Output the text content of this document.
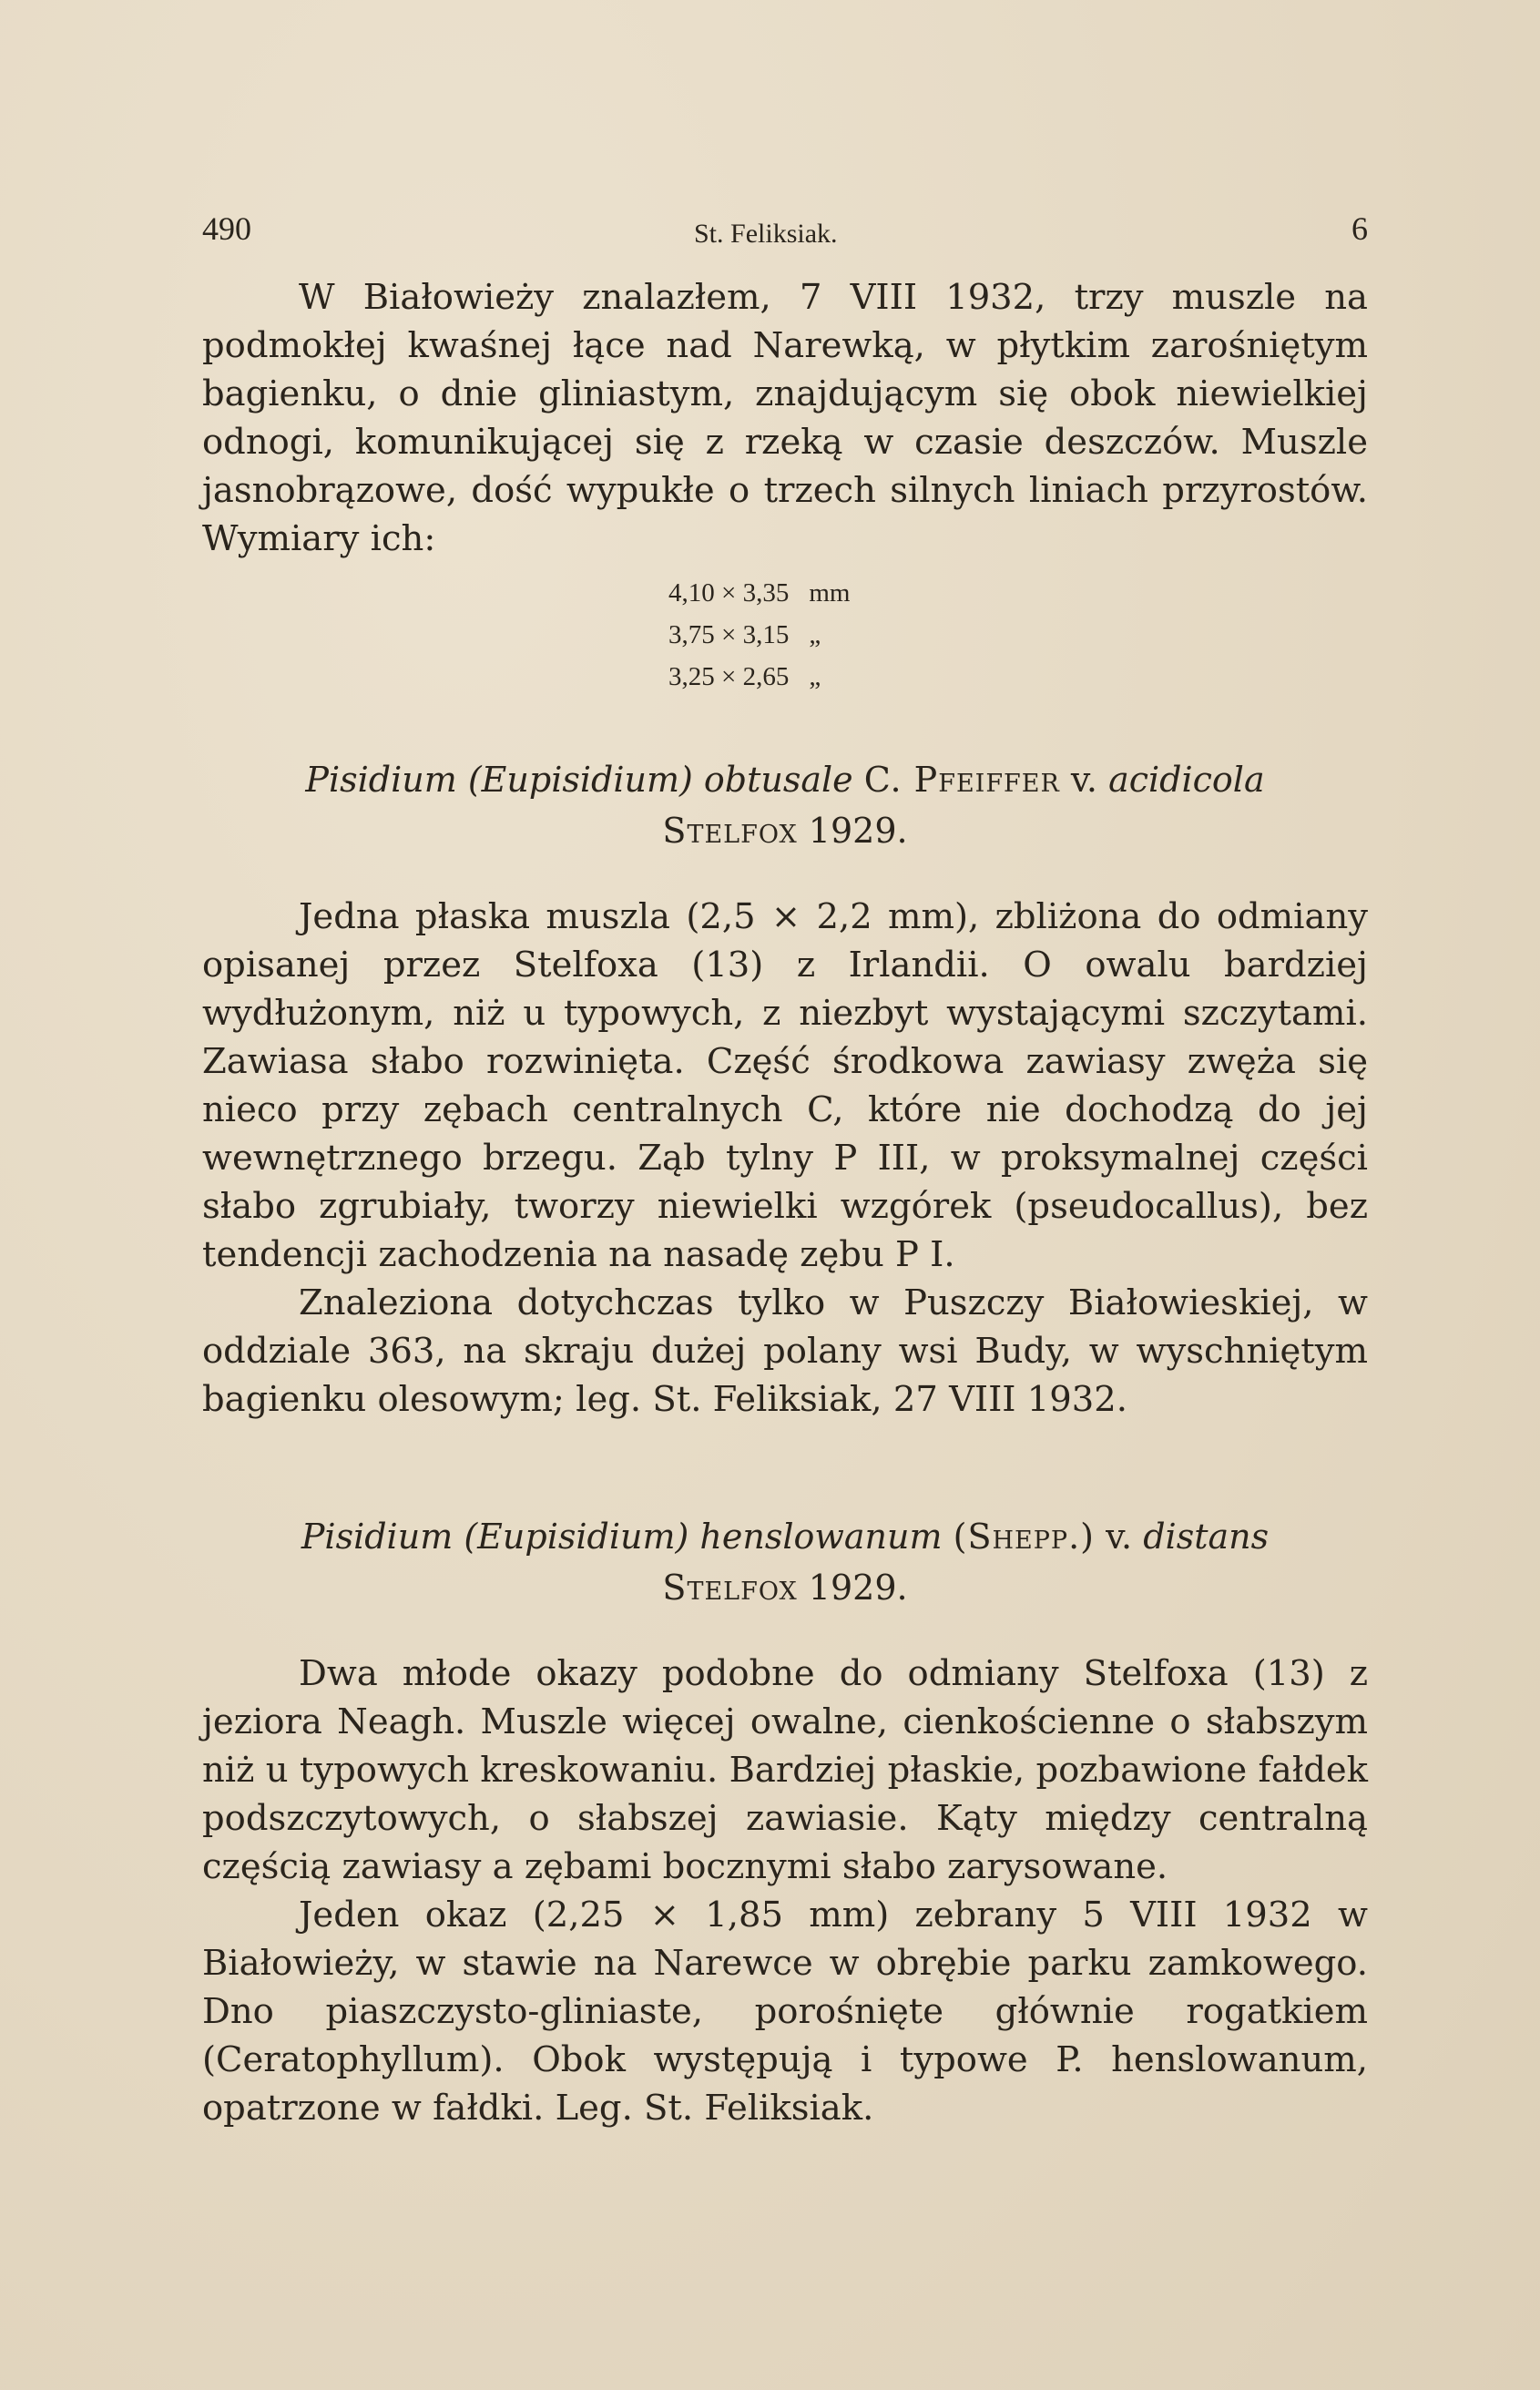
490	St. Feliksiak.	6

W Białowieży znalazłem, 7 VIII 1932, trzy muszle na podmokłej kwaśnej łące nad Narewką, w płytkim zarośniętym bagienku, o dnie gliniastym, znajdującym się obok niewielkiej odnogi, komunikującej się z rzeką w czasie deszczów. Muszle jasnobrązowe, dość wypukłe o trzech silnych liniach przyrostów. Wymiary ich:

4,10 × 3,35 mm
3,75 × 3,15 „
3,25 × 2,65 „
Pisidium (Eupisidium) obtusale C. Pfeiffer v. acidicola
Stelfox 1929.

Jedna płaska muszla (2,5 × 2,2 mm), zbliżona do odmiany opisanej przez Stelfoxa (13) z Irlandii. O owalu bardziej wydłużonym, niż u typowych, z niezbyt wystającymi szczytami. Zawiasa słabo rozwinięta. Część środkowa zawiasy zwęża się nieco przy zębach centralnych C, które nie dochodzą do jej wewnętrznego brzegu. Ząb tylny P III, w proksymalnej części słabo zgrubiały, tworzy niewielki wzgórek (pseudocallus), bez tendencji zachodzenia na nasadę zębu P I.

Znaleziona dotychczas tylko w Puszczy Białowieskiej, w oddziale 363, na skraju dużej polany wsi Budy, w wyschniętym bagienku olesowym; leg. St. Feliksiak, 27 VIII 1932.

Pisidium (Eupisidium) henslowanum (Shepp.) v. distans
Stelfox 1929.

Dwa młode okazy podobne do odmiany Stelfoxa (13) z jeziora Neagh. Muszle więcej owalne, cienkościenne o słabszym niż u typowych kreskowaniu. Bardziej płaskie, pozbawione fałdek podszczytowych, o słabszej zawiasie. Kąty między centralną częścią zawiasy a zębami bocznymi słabo zarysowane.

Jeden okaz (2,25 × 1,85 mm) zebrany 5 VIII 1932 w Białowieży, w stawie na Narewce w obrębie parku zamkowego. Dno piaszczysto-gliniaste, porośnięte głównie rogatkiem (Ceratophyllum). Obok występują i typowe P. henslowanum, opatrzone w fałdki. Leg. St. Feliksiak.
